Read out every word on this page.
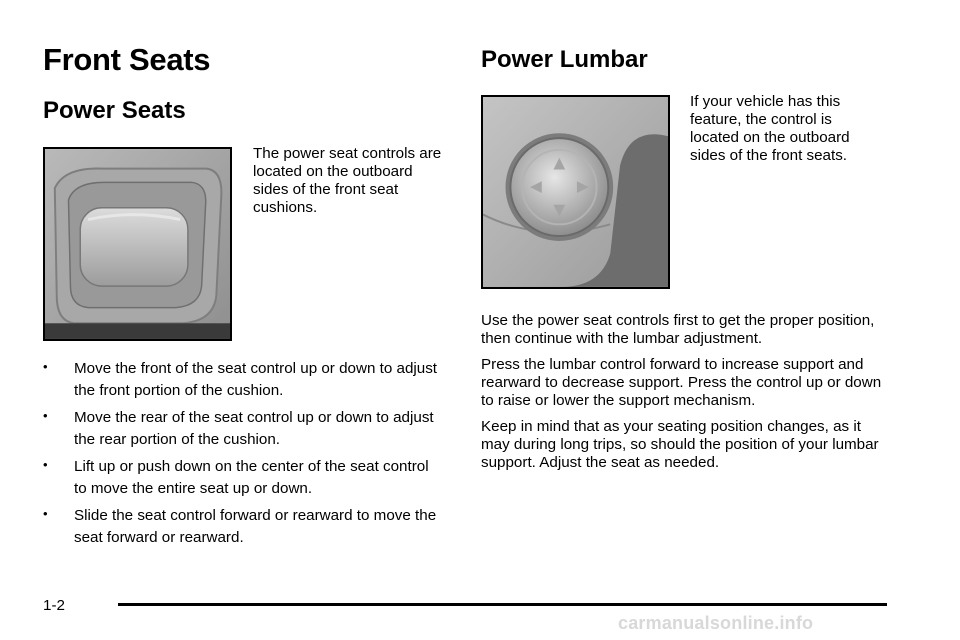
Front Seats
Power Seats

The power seat controls are located on the outboard sides of the front seat cushions.

• Move the front of the seat control up or down to adjust the front portion of the cushion.
• Move the rear of the seat control up or down to adjust the rear portion of the cushion.
• Lift up or push down on the center of the seat control to move the entire seat up or down.
• Slide the seat control forward or rearward to move the seat forward or rearward.
Power Lumbar

If your vehicle has this feature, the control is located on the outboard sides of the front seats.

Use the power seat controls first to get the proper position, then continue with the lumbar adjustment.

Press the lumbar control forward to increase support and rearward to decrease support. Press the control up or down to raise or lower the support mechanism.

Keep in mind that as your seating position changes, as it may during long trips, so should the position of your lumbar support. Adjust the seat as needed.

1-2
carmanualsonline.info
